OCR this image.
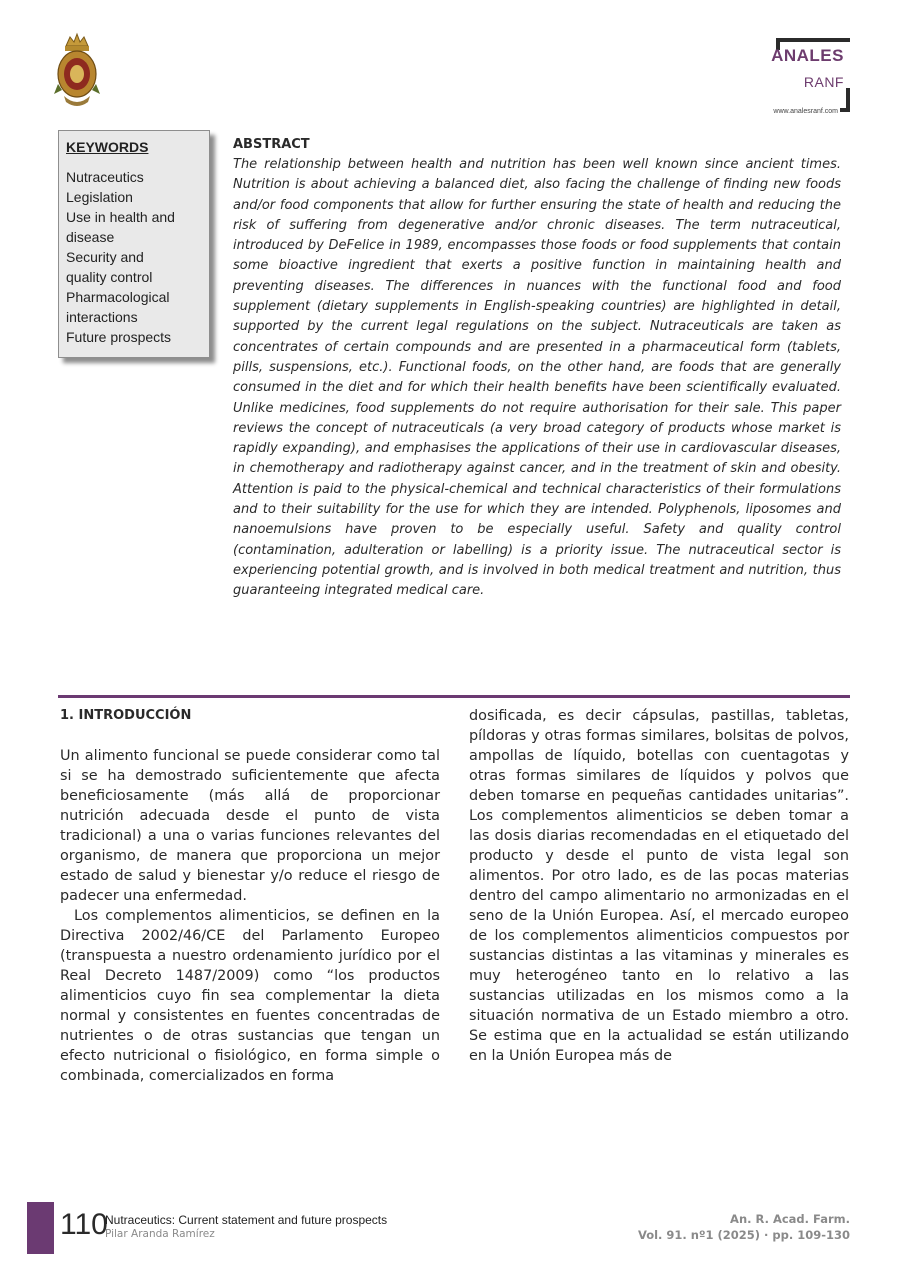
ANALES
RANF
www.analesranf.com
KEYWORDS
Nutraceutics
Legislation
Use in health and
disease
Security and
quality control
Pharmacological
interactions
Future prospects
ABSTRACT

The relationship between health and nutrition has been well known since ancient times. Nutrition is about achieving a balanced diet, also facing the challenge of finding new foods and/or food components that allow for further ensuring the state of health and reducing the risk of suffering from degenerative and/or chronic diseases. The term nutraceutical, introduced by DeFelice in 1989, encompasses those foods or food supplements that contain some bioactive ingredient that exerts a positive function in maintaining health and preventing diseases. The differences in nuances with the functional food and food supplement (dietary supplements in English-speaking countries) are highlighted in detail, supported by the current legal regulations on the subject. Nutraceuticals are taken as concentrates of certain compounds and are presented in a pharmaceutical form (tablets, pills, suspensions, etc.). Functional foods, on the other hand, are foods that are generally consumed in the diet and for which their health benefits have been scientifically evaluated. Unlike medicines, food supplements do not require authorisation for their sale. This paper reviews the concept of nutraceuticals (a very broad category of products whose market is rapidly expanding), and emphasises the applications of their use in cardiovascular diseases, in chemotherapy and radiotherapy against cancer, and in the treatment of skin and obesity. Attention is paid to the physical-chemical and technical characteristics of their formulations and to their suitability for the use for which they are intended. Polyphenols, liposomes and nanoemulsions have proven to be especially useful. Safety and quality control (contamination, adulteration or labelling) is a priority issue. The nutraceutical sector is experiencing potential growth, and is involved in both medical treatment and nutrition, thus guaranteeing integrated medical care.

1. INTRODUCCIÓN

Un alimento funcional se puede considerar como tal si se ha demostrado suficientemente que afecta beneficiosamente (más allá de proporcionar nutrición adecuada desde el punto de vista tradicional) a una o varias funciones relevantes del organismo, de manera que proporciona un mejor estado de salud y bienestar y/o reduce el riesgo de padecer una enfermedad.

Los complementos alimenticios, se definen en la Directiva 2002/46/CE del Parlamento Europeo (transpuesta a nuestro ordenamiento jurídico por el Real Decreto 1487/2009) como “los productos alimenticios cuyo fin sea complementar la dieta normal y consistentes en fuentes concentradas de nutrientes o de otras sustancias que tengan un efecto nutricional o fisiológico, en forma simple o combinada, comercializados en forma

dosificada, es decir cápsulas, pastillas, tabletas, píldoras y otras formas similares, bolsitas de polvos, ampollas de líquido, botellas con cuentagotas y otras formas similares de líquidos y polvos que deben tomarse en pequeñas cantidades unitarias”. Los complementos alimenticios se deben tomar a las dosis diarias recomendadas en el etiquetado del producto y desde el punto de vista legal son alimentos. Por otro lado, es de las pocas materias dentro del campo alimentario no armonizadas en el seno de la Unión Europea. Así, el mercado europeo de los complementos alimenticios compuestos por sustancias distintas a las vitaminas y minerales es muy heterogéneo tanto en lo relativo a las sustancias utilizadas en los mismos como a la situación normativa de un Estado miembro a otro. Se estima que en la actualidad se están utilizando en la Unión Europea más de

110
Nutraceutics: Current statement and future prospects
Pilar Aranda Ramírez
An. R. Acad. Farm.
Vol. 91. nº1 (2025) · pp. 109-130
